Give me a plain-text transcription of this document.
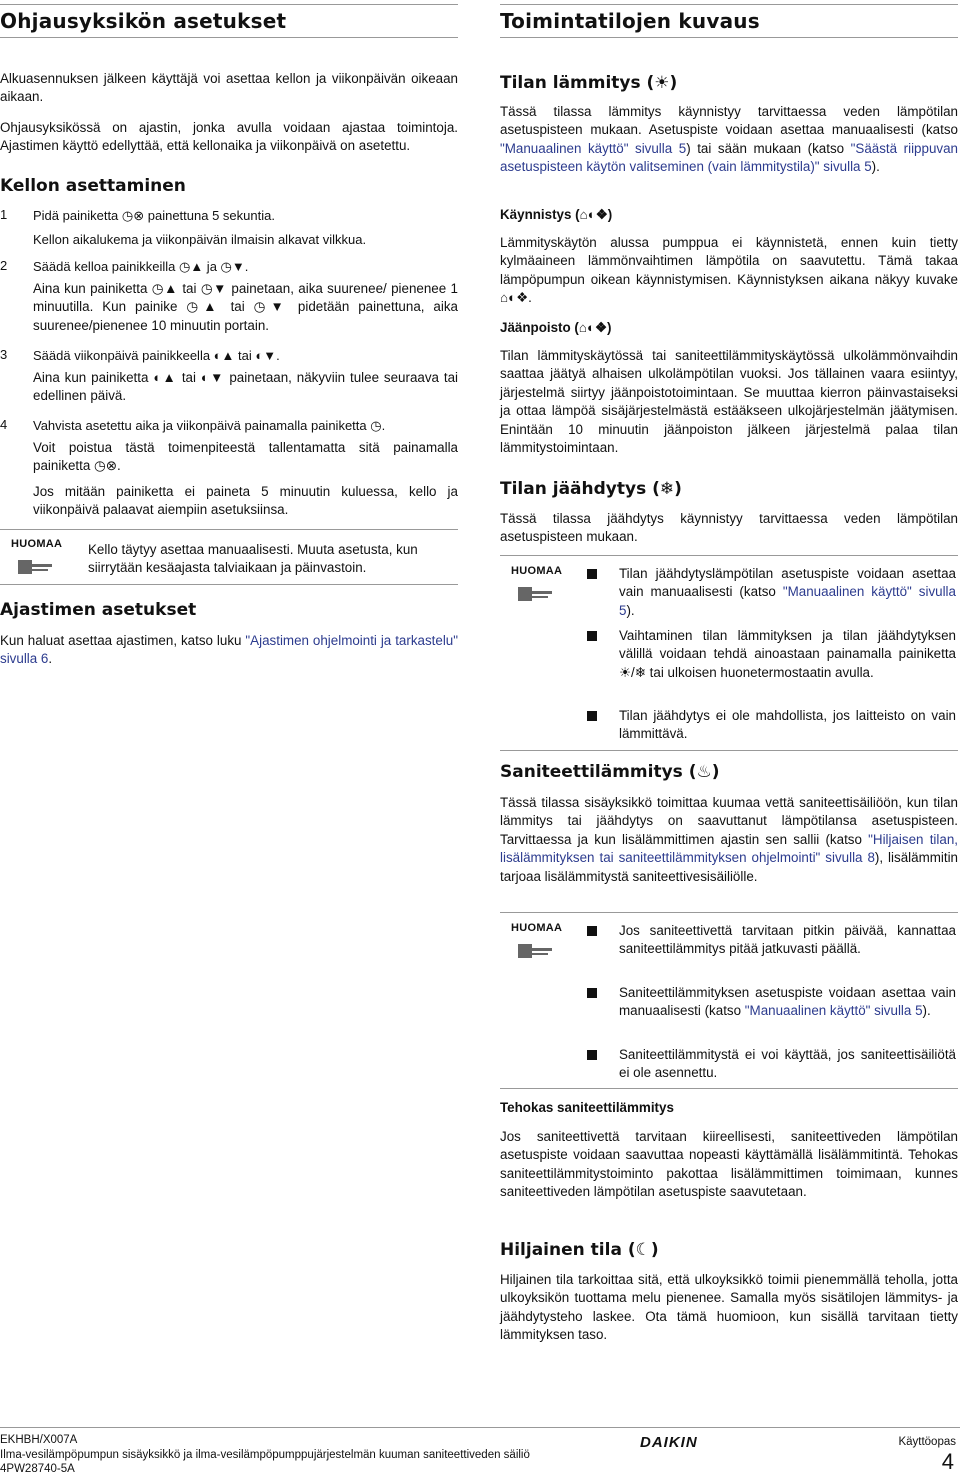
Ohjausyksikön asetukset

Alkuasennuksen jälkeen käyttäjä voi asettaa kellon ja viikonpäivän oikeaan aikaan.

Ohjausyksikössä on ajastin, jonka avulla voidaan ajastaa toimintoja. Ajastimen käyttö edellyttää, että kellonaika ja viikonpäivä on asetettu.

Kellon asettaminen
1 Pidä painiketta ◷⊗ painettuna 5 sekuntia.
Kellon aikalukema ja viikonpäivän ilmaisin alkavat vilkkua.
2 Säädä kelloa painikkeilla ◷▲ ja ◷▼.
Aina kun painiketta ◷▲ tai ◷▼ painetaan, aika suurenee/ pienenee 1 minuutilla. Kun painike ◷▲ tai ◷▼ pidetään painettuna, aika suurenee/pienenee 10 minuutin portain.
3 Säädä viikonpäivä painikkeella ◐▲ tai ◐▼.
Aina kun painiketta ◐▲ tai ◐▼ painetaan, näkyviin tulee seuraava tai edellinen päivä.
4 Vahvista asetettu aika ja viikonpäivä painamalla painiketta ◷.
Voit poistua tästä toimenpiteestä tallentamatta sitä painamalla painiketta ◷⊗.
Jos mitään painiketta ei paineta 5 minuutin kuluessa, kello ja viikonpäivä palaavat aiempiin asetuksiinsa.
HUOMAA Kello täytyy asettaa manuaalisesti. Muuta asetusta, kun siirrytään kesäajasta talviaikaan ja päinvastoin.
Ajastimen asetukset

Kun haluat asettaa ajastimen, katso luku "Ajastimen ohjelmointi ja tarkastelu" sivulla 6.

Toimintatilojen kuvaus
Tilan lämmitys (☀)

Tässä tilassa lämmitys käynnistyy tarvittaessa veden lämpötilan asetuspisteen mukaan. Asetuspiste voidaan asettaa manuaalisesti (katso "Manuaalinen käyttö" sivulla 5) tai sään mukaan (katso "Säästä riippuvan asetuspisteen käytön valitseminen (vain lämmitystila)" sivulla 5).

Käynnistys (⌂◐❖)

Lämmityskäytön alussa pumppua ei käynnistetä, ennen kuin tietty kylmäaineen lämmönvaihtimen lämpötila on saavutettu. Tämä takaa lämpöpumpun oikean käynnistymisen. Käynnistyksen aikana näkyy kuvake ⌂◐❖.

Jäänpoisto (⌂◐❖)

Tilan lämmityskäytössä tai saniteettilämmityskäytössä ulkolämmönvaihdin saattaa jäätyä alhaisen ulkolämpötilan vuoksi. Jos tällainen vaara esiintyy, järjestelmä siirtyy jäänpoistotoimintaan. Se muuttaa kierron päinvastaiseksi ja ottaa lämpöä sisäjärjestelmästä estääkseen ulkojärjestelmän jäätymisen. Enintään 10 minuutin jäänpoiston jälkeen järjestelmä palaa tilan lämmitystoimintaan.

Tilan jäähdytys (❄)

Tässä tilassa jäähdytys käynnistyy tarvittaessa veden lämpötilan asetuspisteen mukaan.

HUOMAA	Tilan jäähdytyslämpötilan asetuspiste voidaan asettaa vain manuaalisesti (katso "Manuaalinen käyttö" sivulla 5).
Vaihtaminen tilan lämmityksen ja tilan jäähdytyksen välillä voidaan tehdä ainoastaan painamalla painiketta ☀/❄ tai ulkoisen huonetermostaatin avulla.
Tilan jäähdytys ei ole mahdollista, jos laitteisto on vain lämmittävä.
Saniteettilämmitys (♨)

Tässä tilassa sisäyksikkö toimittaa kuumaa vettä saniteettisäiliöön, kun tilan lämmitys tai jäähdytys on saavuttanut lämpötilansa asetuspisteen. Tarvittaessa ja kun lisälämmittimen ajastin sen sallii (katso "Hiljaisen tilan, lisälämmityksen tai saniteettilämmityksen ohjelmointi" sivulla 8), lisälämmitin tarjoaa lisälämmitystä saniteettivesisäiliölle.

HUOMAA	Jos saniteettivettä tarvitaan pitkin päivää, kannattaa saniteettilämmitys pitää jatkuvasti päällä.
Saniteettilämmityksen asetuspiste voidaan asettaa vain manuaalisesti (katso "Manuaalinen käyttö" sivulla 5).
Saniteettilämmitystä ei voi käyttää, jos saniteettisäiliötä ei ole asennettu.
Tehokas saniteettilämmitys

Jos saniteettivettä tarvitaan kiireellisesti, saniteettiveden lämpötilan asetuspiste voidaan saavuttaa nopeasti käyttämällä lisälämmitintä. Tehokas saniteettilämmitystoiminto pakottaa lisälämmittimen toimimaan, kunnes saniteettiveden lämpötilan asetuspiste saavutetaan.

Hiljainen tila (☾)

Hiljainen tila tarkoittaa sitä, että ulkoyksikkö toimii pienemmällä teholla, jotta ulkoyksikön tuottama melu pienenee. Samalla myös sisätilojen lämmitys- ja jäähdytysteho laskee. Ota tämä huomioon, kun sisällä tarvitaan tietty lämmityksen taso.

EKHBH/X007A
Ilma-vesilämpöpumpun sisäyksikkö ja ilma-vesilämpöpumppujärjestelmän kuuman saniteettiveden säiliö
4PW28740-5A
DAIKIN	Käyttöopas
4
